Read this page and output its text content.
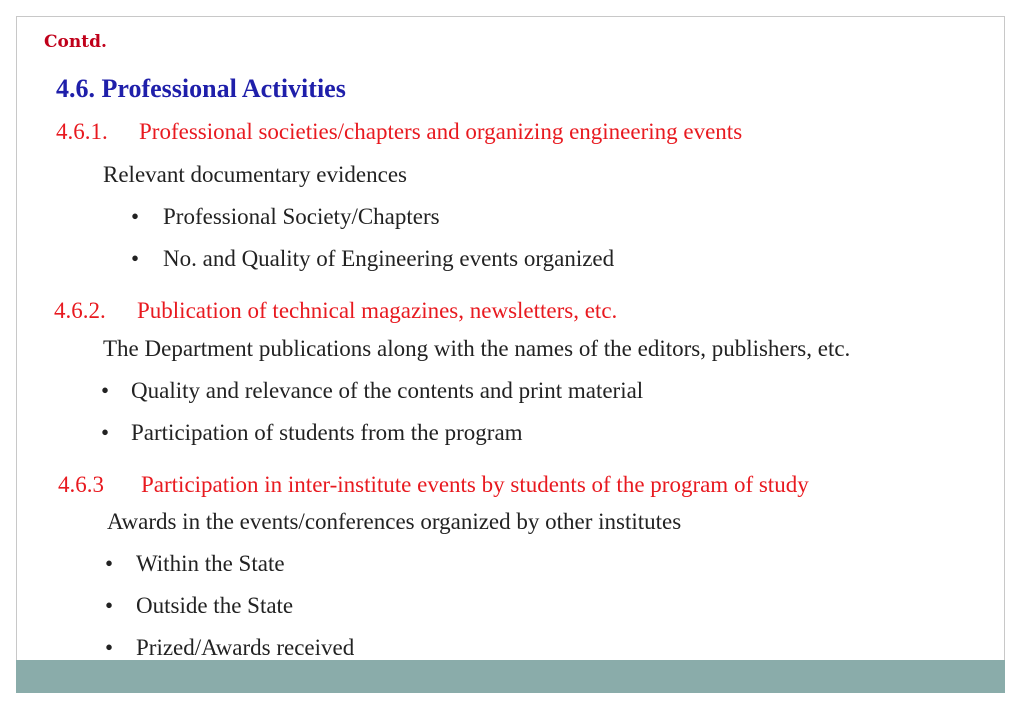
Contd.
4.6. Professional Activities
4.6.1. Professional societies/chapters and organizing engineering events
Relevant documentary evidences
• Professional Society/Chapters
• No. and Quality of Engineering events organized
4.6.2. Publication of technical magazines, newsletters, etc.
The Department publications along with the names of the editors, publishers, etc.
• Quality and relevance of the contents and print material
• Participation of students from the program
4.6.3 Participation in inter-institute events by students of the program of study
Awards in the events/conferences organized by other institutes
• Within the State
• Outside the State
• Prized/Awards received
